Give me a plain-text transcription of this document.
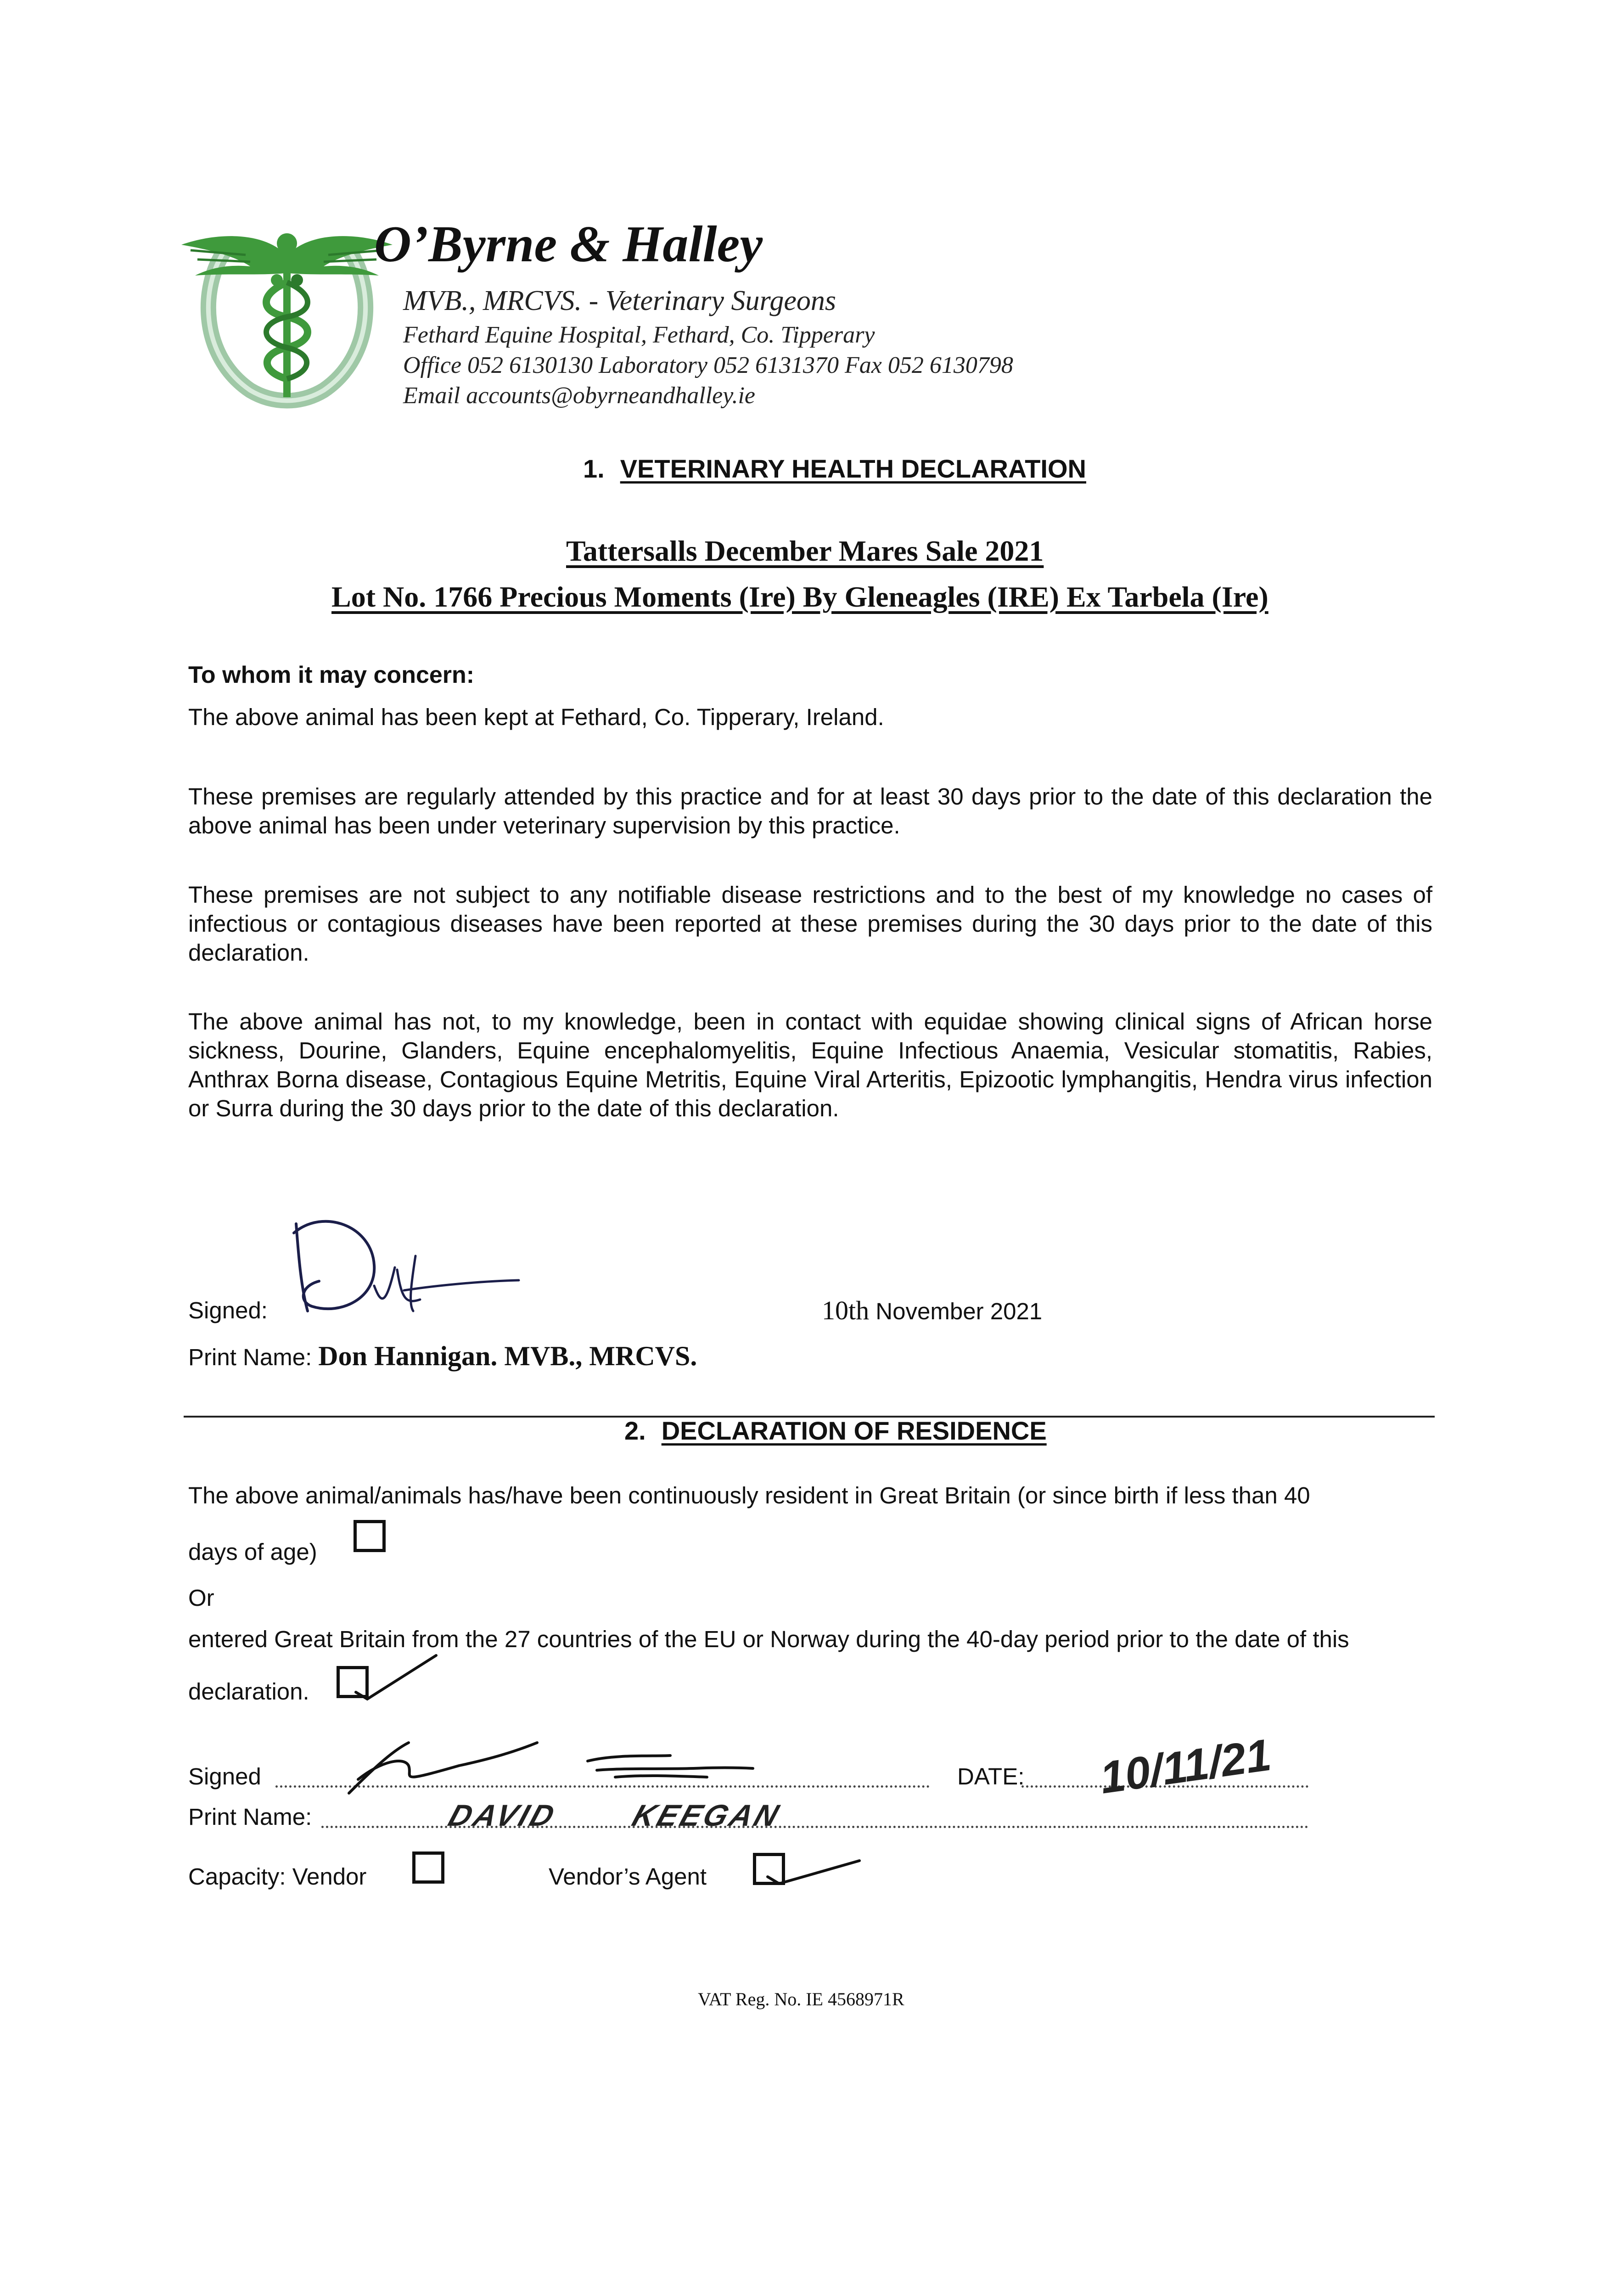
O’Byrne & Halley
MVB., MRCVS. - Veterinary Surgeons
Fethard Equine Hospital, Fethard, Co. Tipperary
Office 052 6130130 Laboratory 052 6131370 Fax 052 6130798
Email accounts@obyrneandhalley.ie
1. VETERINARY HEALTH DECLARATION
Tattersalls December Mares Sale 2021
Lot No. 1766 Precious Moments (Ire) By Gleneagles (IRE) Ex Tarbela (Ire)
To whom it may concern:
The above animal has been kept at Fethard, Co. Tipperary, Ireland.
These premises are regularly attended by this practice and for at least 30 days prior to the date of this declaration the above animal has been under veterinary supervision by this practice.
These premises are not subject to any notifiable disease restrictions and to the best of my knowledge no cases of infectious or contagious diseases have been reported at these premises during the 30 days prior to the date of this declaration.
The above animal has not, to my knowledge, been in contact with equidae showing clinical signs of African horse sickness, Dourine, Glanders, Equine encephalomyelitis, Equine Infectious Anaemia, Vesicular stomatitis, Rabies, Anthrax Borna disease, Contagious Equine Metritis, Equine Viral Arteritis, Epizootic lymphangitis, Hendra virus infection or Surra during the 30 days prior to the date of this declaration.
Signed:	10th November 2021
Print Name: Don Hannigan. MVB., MRCVS.
2. DECLARATION OF RESIDENCE
The above animal/animals has/have been continuously resident in Great Britain (or since birth if less than 40
days of age)
Or
entered Great Britain from the 27 countries of the EU or Norway during the 40-day period prior to the date of this
declaration.
Signed	DATE: 10/11/21
Print Name:	DAVID KEEGAN
Capacity: Vendor	Vendor’s Agent
VAT Reg. No. IE 4568971R
